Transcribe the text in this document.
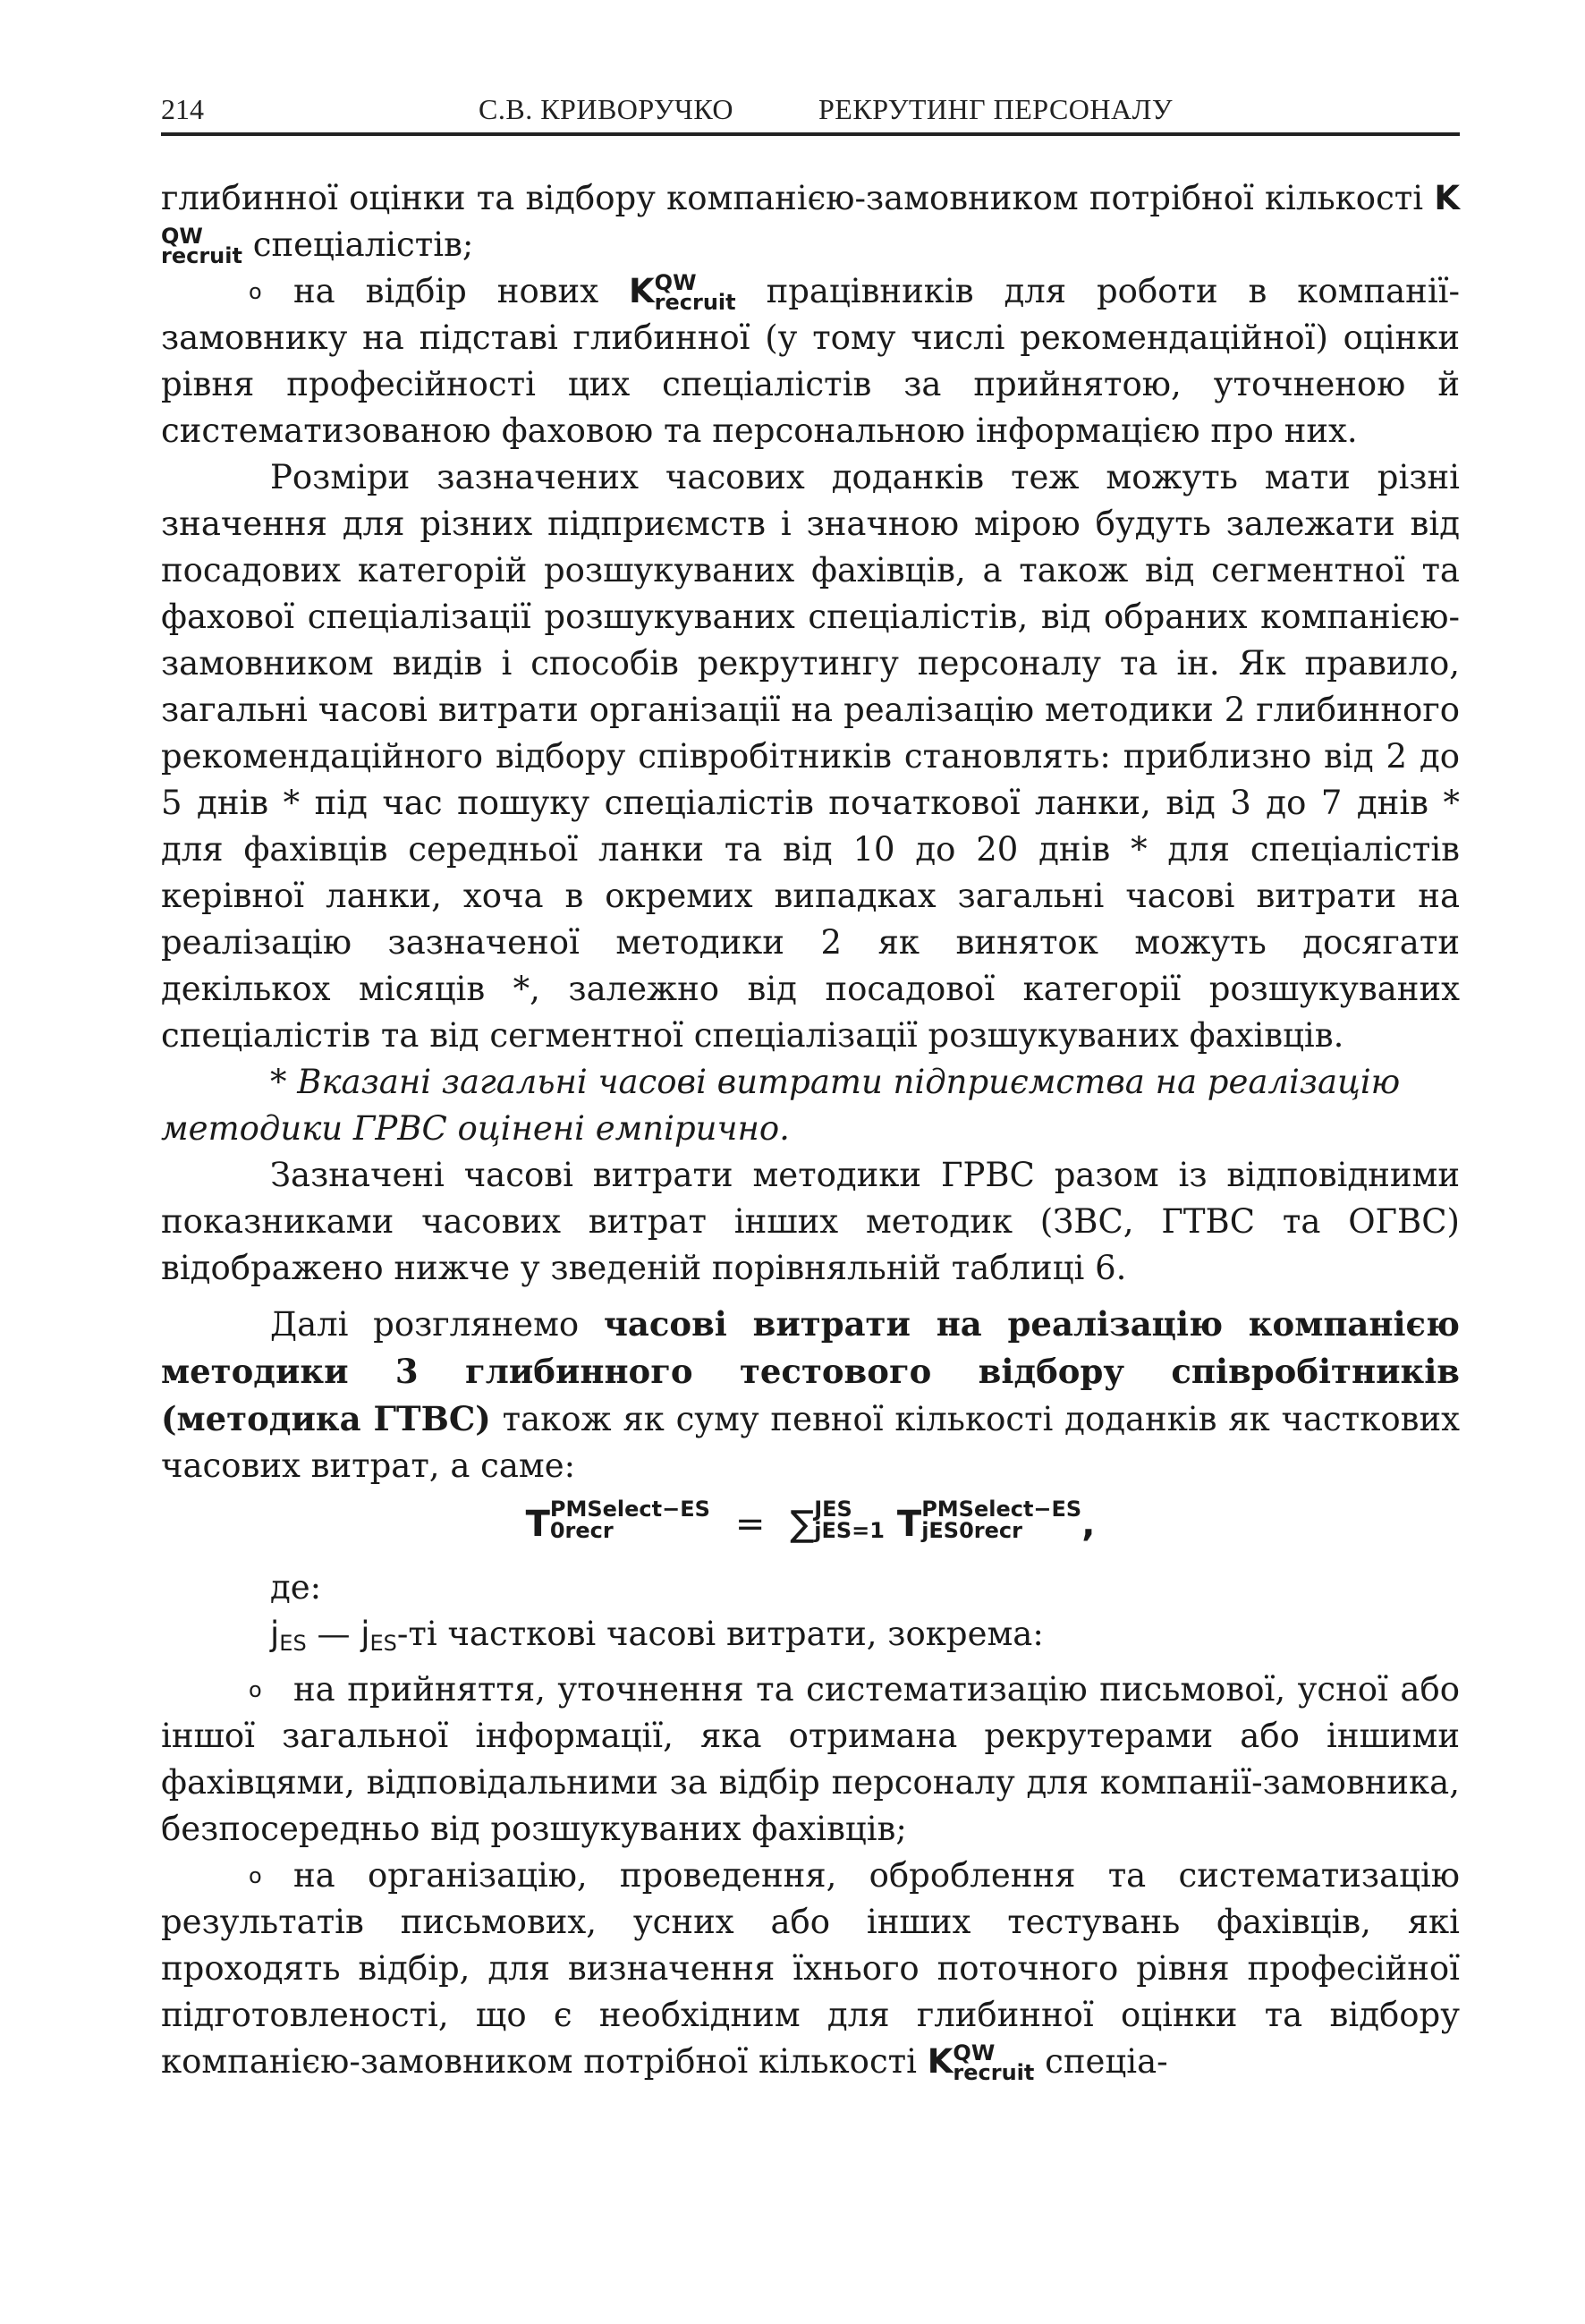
214	С.В. КРИВОРУЧКО	РЕКРУТИНГ ПЕРСОНАЛУ

глибинної оцінки та відбору компанією-замовником потрібної кількості K
QW
recruit спеціалістів;

o на відбір нових K QW
recruit працівників для роботи в компанії-замовнику на підставі глибинної (у тому числі рекомендаційної) оцінки рівня професійності цих спеціалістів за прийнятою, уточненою й систематизованою фаховою та персональною інформацією про них.

Розміри зазначених часових доданків теж можуть мати різні значення для різних підприємств і значною мірою будуть залежати від посадових категорій розшукуваних фахівців, а також від сегментної та фахової спеціалізації розшукуваних спеціалістів, від обраних компанією-замовником видів і способів рекрутингу персоналу та ін. Як правило, загальні часові витрати організації на реалізацію методики 2 глибинного рекомендаційного відбору співробітників становлять: приблизно від 2 до 5 днів * під час пошуку спеціалістів початкової ланки, від 3 до 7 днів * для фахівців середньої ланки та від 10 до 20 днів * для спеціалістів керівної ланки, хоча в окремих випадках загальні часові витрати на реалізацію зазначеної методики 2 як виняток можуть досягати декількох місяців *, залежно від посадової категорії розшукуваних спеціалістів та від сегментної спеціалізації розшукуваних фахівців.

* Вказані загальні часові витрати підприємства на реалізацію методики ГРВС оцінені емпірично.

Зазначені часові витрати методики ГРВС разом із відповідними показниками часових витрат інших методик (ЗВС, ГТВС та ОГВС) відображено нижче у зведеній порівняльній таблиці 6.

Далі розглянемо часові витрати на реалізацію компанією методики 3 глибинного тестового відбору співробітників (методика ГТВС) також як суму певної кількості доданків як часткових часових витрат, а саме:

T PMSelect−ES
0recr	= ∑ JES
jES=1 T PMSelect−ES
jES0recr	,

де:

jES — jES-ті часткові часові витрати, зокрема:

o на прийняття, уточнення та систематизацію письмової, усної або іншої загальної інформації, яка отримана рекрутерами або іншими фахівцями, відповідальними за відбір персоналу для компанії-замовника, безпосередньо від розшукуваних фахівців;

o на організацію, проведення, оброблення та систематизацію результатів письмових, усних або інших тестувань фахівців, які проходять відбір, для визначення їхнього поточного рівня професійної підготовленості, що є необхідним для глибинної оцінки та відбору компанією-замовником потрібної кількості K QW
recruit спеціа-
